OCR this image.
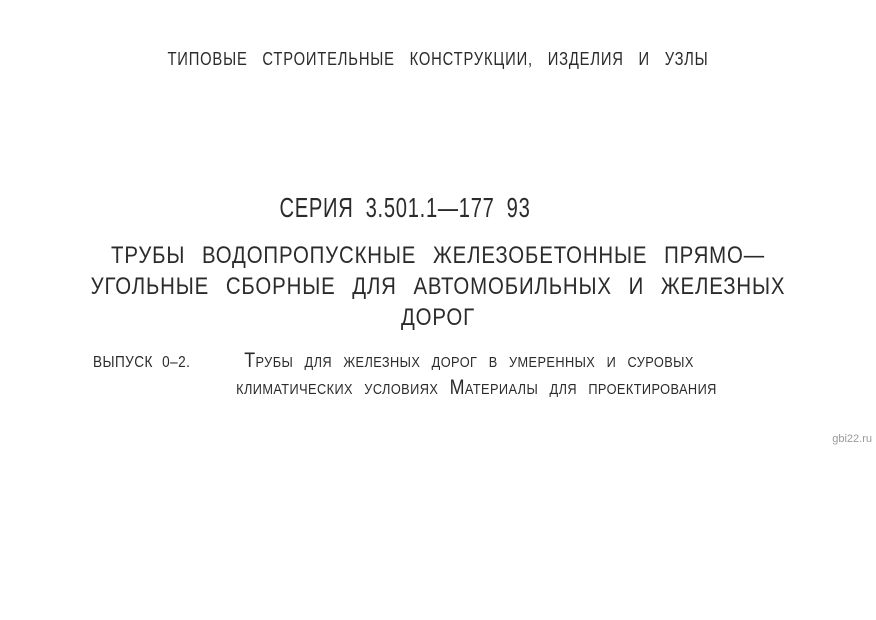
ТИПОВЫЕ СТРОИТЕЛЬНЫЕ КОНСТРУКЦИИ, ИЗДЕЛИЯ И УЗЛЫ
СЕРИЯ 3.501.1—177 93
ТРУБЫ ВОДОПРОПУСКНЫЕ ЖЕЛЕЗОБЕТОННЫЕ ПРЯМО—
УГОЛЬНЫЕ СБОРНЫЕ ДЛЯ АВТОМОБИЛЬНЫХ И ЖЕЛЕЗНЫХ
ДОРОГ
ВЫПУСК 0–2.	Трубы для железных дорог в умеренных и суровых
климатических условиях Материалы для проектирования
gbi22.ru
